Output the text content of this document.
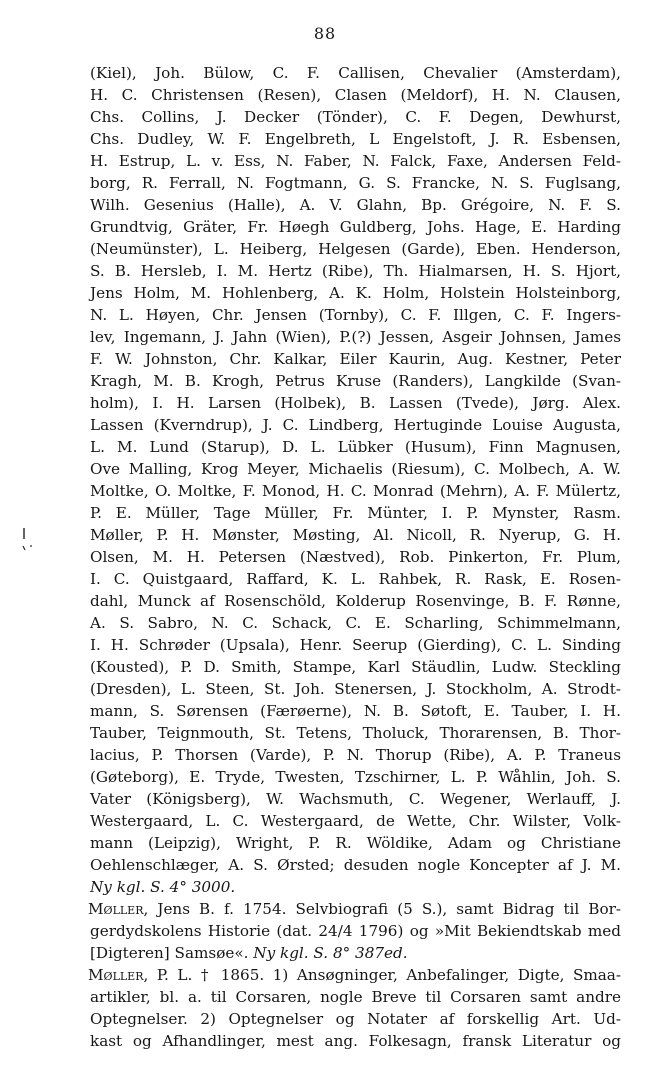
88
(Kiel), Joh. Bülow, C. F. Callisen, Chevalier (Amsterdam),
H. C. Christensen (Resen), Clasen (Meldorf), H. N. Clausen,
Chs. Collins, J. Decker (Tönder), C. F. Degen, Dewhurst,
Chs. Dudley, W. F. Engelbreth, L Engelstoft, J. R. Esbensen,
H. Estrup, L. v. Ess, N. Faber, N. Falck, Faxe, Andersen Feld-
borg, R. Ferrall, N. Fogtmann, G. S. Francke, N. S. Fuglsang,
Wilh. Gesenius (Halle), A. V. Glahn, Bp. Grégoire, N. F. S.
Grundtvig, Gräter, Fr. Høegh Guldberg, Johs. Hage, E. Harding
(Neumünster), L. Heiberg, Helgesen (Garde), Eben. Henderson,
S. B. Hersleb, I. M. Hertz (Ribe), Th. Hialmarsen, H. S. Hjort,
Jens Holm, M. Hohlenberg, A. K. Holm, Holstein Holsteinborg,
N. L. Høyen, Chr. Jensen (Tornby), C. F. Illgen, C. F. Ingers-
lev, Ingemann, J. Jahn (Wien), P.(?) Jessen, Asgeir Johnsen, James
F. W. Johnston, Chr. Kalkar, Eiler Kaurin, Aug. Kestner, Peter
Kragh, M. B. Krogh, Petrus Kruse (Randers), Langkilde (Svan-
holm), I. H. Larsen (Holbek), B. Lassen (Tvede), Jørg. Alex.
Lassen (Kverndrup), J. C. Lindberg, Hertuginde Louise Augusta,
L. M. Lund (Starup), D. L. Lübker (Husum), Finn Magnusen,
Ove Malling, Krog Meyer, Michaelis (Riesum), C. Molbech, A. W.
Moltke, O. Moltke, F. Monod, H. C. Monrad (Mehrn), A. F. Mülertz,
P. E. Müller, Tage Müller, Fr. Münter, I. P. Mynster, Rasm.
Møller, P. H. Mønster, Møsting, Al. Nicoll, R. Nyerup, G. H.
Olsen, M. H. Petersen (Næstved), Rob. Pinkerton, Fr. Plum,
I. C. Quistgaard, Raffard, K. L. Rahbek, R. Rask, E. Rosen-
dahl, Munck af Rosenschöld, Kolderup Rosenvinge, B. F. Rønne,
A. S. Sabro, N. C. Schack, C. E. Scharling, Schimmelmann,
I. H. Schrøder (Upsala), Henr. Seerup (Gierding), C. L. Sinding
(Kousted), P. D. Smith, Stampe, Karl Stäudlin, Ludw. Steckling
(Dresden), L. Steen, St. Joh. Stenersen, J. Stockholm, A. Strodt-
mann, S. Sørensen (Færøerne), N. B. Søtoft, E. Tauber, I. H.
Tauber, Teignmouth, St. Tetens, Tholuck, Thorarensen, B. Thor-
lacius, P. Thorsen (Varde), P. N. Thorup (Ribe), A. P. Traneus
(Gøteborg), E. Tryde, Twesten, Tzschirner, L. P. Wåhlin, Joh. S.
Vater (Königsberg), W. Wachsmuth, C. Wegener, Werlauff, J.
Westergaard, L. C. Westergaard, de Wette, Chr. Wilster, Volk-
mann (Leipzig), Wright, P. R. Wöldike, Adam og Christiane
Oehlenschlæger, A. S. Ørsted; desuden nogle Koncepter af J. M.
Ny kgl. S. 4° 3000.
Møller, Jens B. f. 1754. Selvbiografi (5 S.), samt Bidrag til Bor-
gerdydskolens Historie (dat. 24/4 1796) og »Mit Bekiendtskab med
[Digteren] Samsøe«. Ny kgl. S. 8° 387ed.
Møller, P. L. † 1865. 1) Ansøgninger, Anbefalinger, Digte, Smaa-
artikler, bl. a. til Corsaren, nogle Breve til Corsaren samt andre
Optegnelser. 2) Optegnelser og Notater af forskellig Art. Ud-
kast og Afhandlinger, mest ang. Folkesagn, fransk Literatur og
